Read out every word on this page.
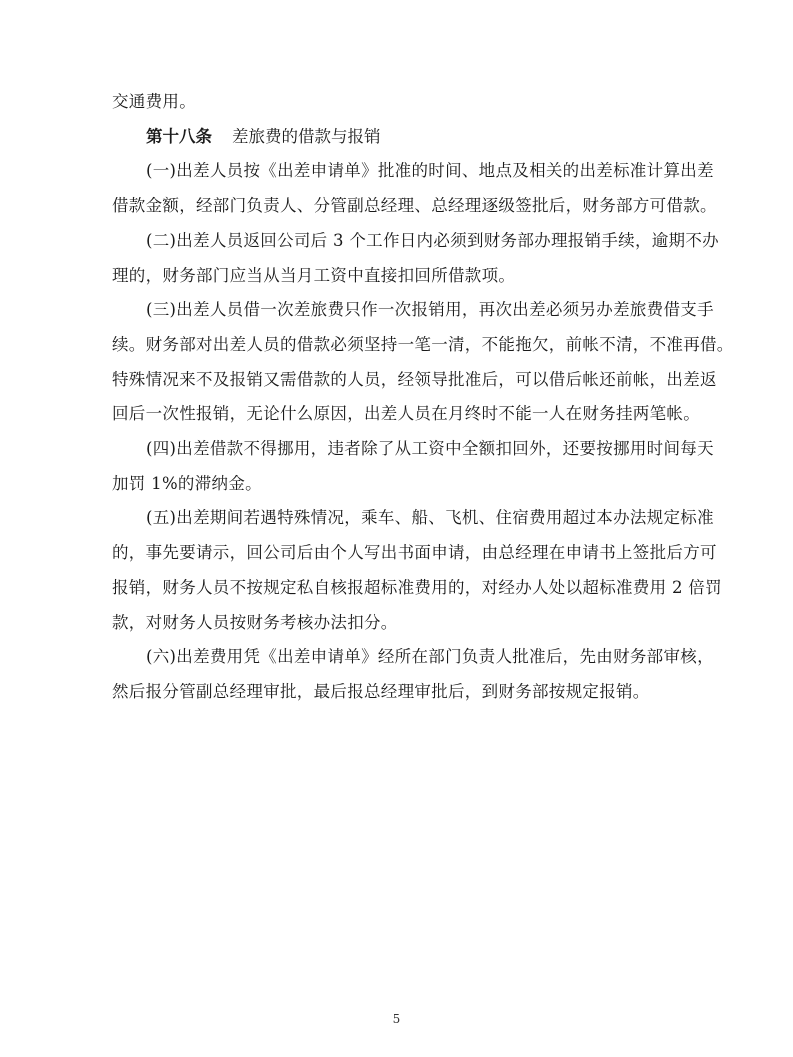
交通费用。
第十八条 差旅费的借款与报销
(一)出差人员按《出差申请单》批准的时间、地点及相关的出差标准计算出差
借款金额，经部门负责人、分管副总经理、总经理逐级签批后，财务部方可借款。
(二)出差人员返回公司后 3 个工作日内必须到财务部办理报销手续，逾期不办
理的，财务部门应当从当月工资中直接扣回所借款项。
(三)出差人员借一次差旅费只作一次报销用，再次出差必须另办差旅费借支手
续。财务部对出差人员的借款必须坚持一笔一清，不能拖欠，前帐不清，不准再借。
特殊情况来不及报销又需借款的人员，经领导批准后，可以借后帐还前帐，出差返
回后一次性报销，无论什么原因，出差人员在月终时不能一人在财务挂两笔帐。
(四)出差借款不得挪用，违者除了从工资中全额扣回外，还要按挪用时间每天
加罚 1%的滞纳金。
(五)出差期间若遇特殊情况，乘车、船、飞机、住宿费用超过本办法规定标准
的，事先要请示，回公司后由个人写出书面申请，由总经理在申请书上签批后方可
报销，财务人员不按规定私自核报超标准费用的，对经办人处以超标准费用 2 倍罚
款，对财务人员按财务考核办法扣分。
(六)出差费用凭《出差申请单》经所在部门负责人批准后，先由财务部审核，
然后报分管副总经理审批，最后报总经理审批后，到财务部按规定报销。
5
